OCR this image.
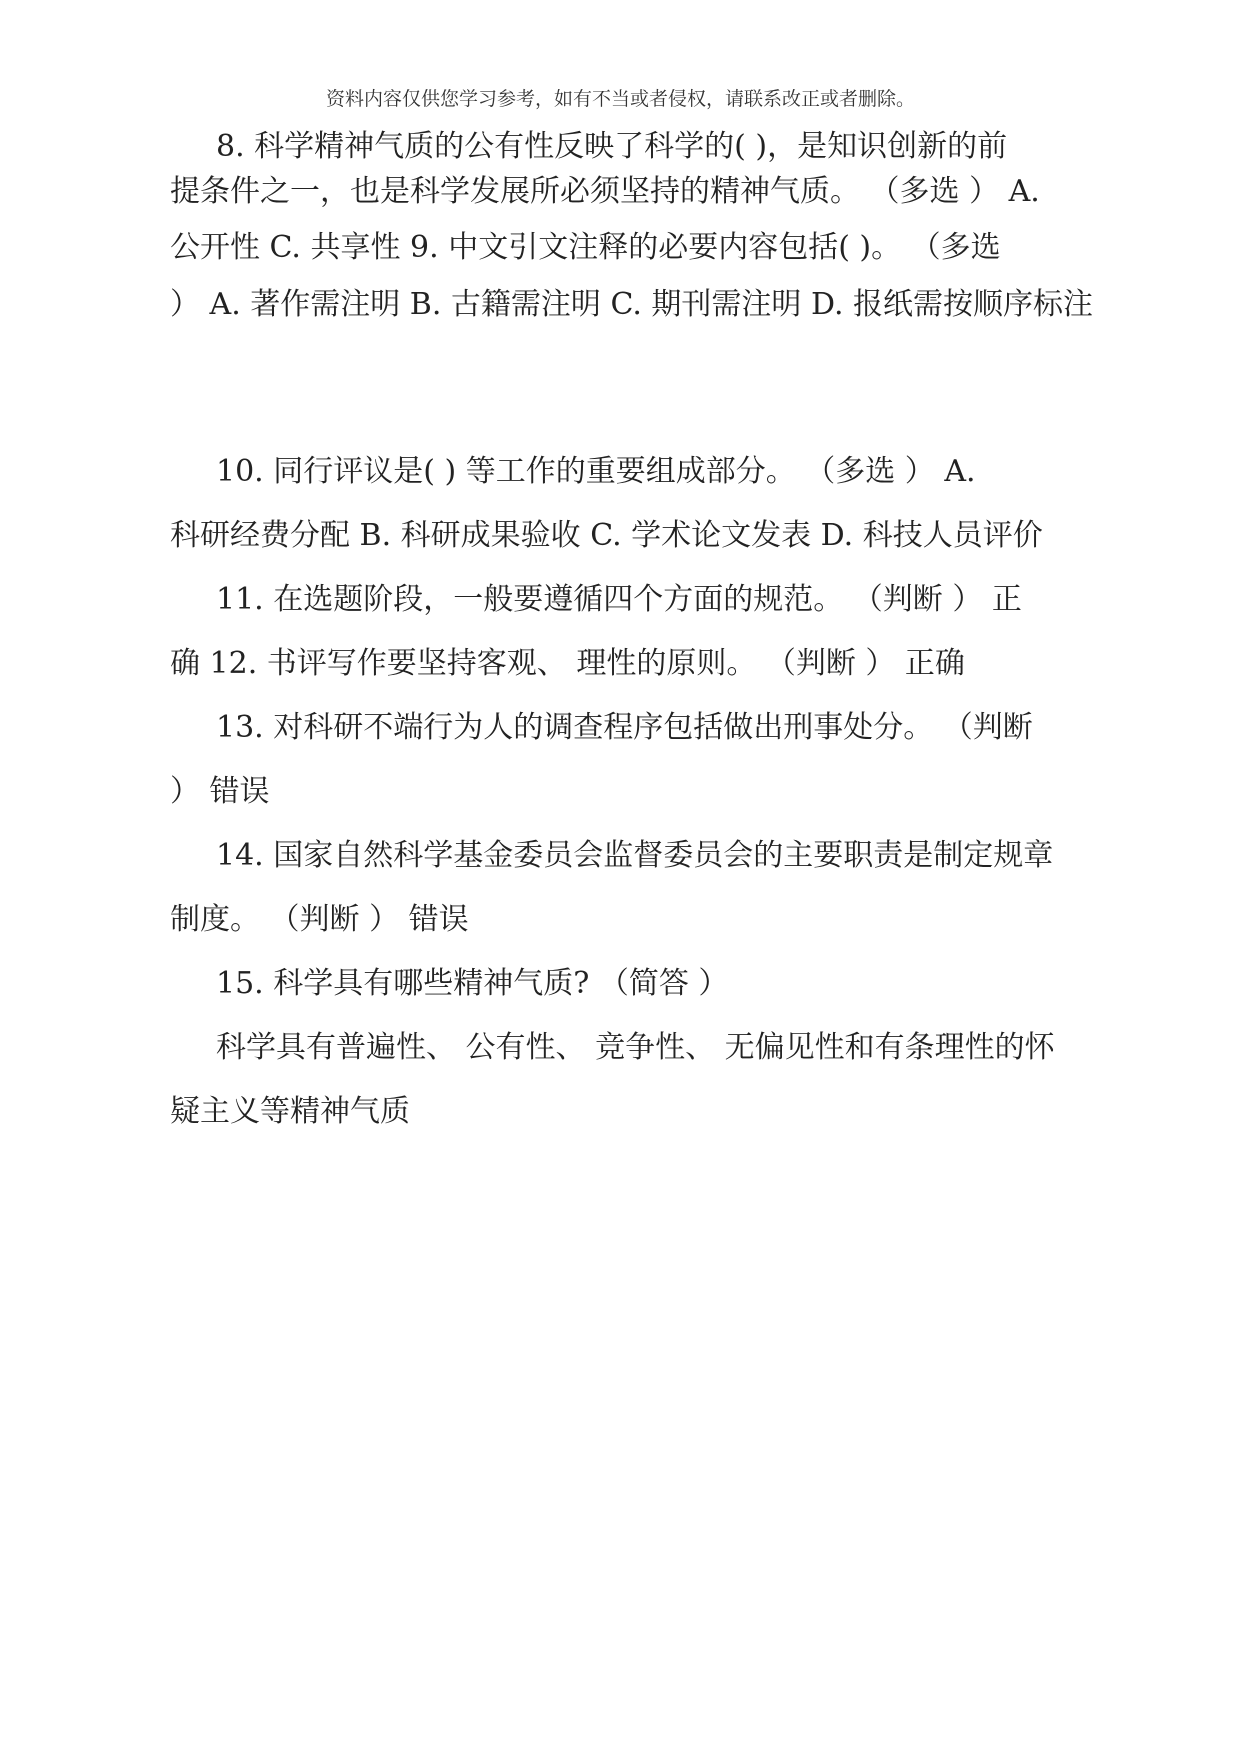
资料内容仅供您学习参考，如有不当或者侵权，请联系改正或者删除。
8. 科学精神气质的公有性反映了科学的( )，是知识创新的前
提条件之一，也是科学发展所必须坚持的精神气质。 （多选 ） A.
公开性 C. 共享性 9. 中文引文注释的必要内容包括( )。 （多选
） A. 著作需注明 B. 古籍需注明 C. 期刊需注明 D. 报纸需按顺序标注
10. 同行评议是( ) 等工作的重要组成部分。 （多选 ） A.
科研经费分配 B. 科研成果验收 C. 学术论文发表 D. 科技人员评价
11. 在选题阶段，一般要遵循四个方面的规范。 （判断 ） 正
确 12. 书评写作要坚持客观、 理性的原则。 （判断 ） 正确
13. 对科研不端行为人的调查程序包括做出刑事处分。 （判断
） 错误
14. 国家自然科学基金委员会监督委员会的主要职责是制定规章
制度。 （判断 ） 错误
15. 科学具有哪些精神气质? （简答 ）
科学具有普遍性、 公有性、 竞争性、 无偏见性和有条理性的怀
疑主义等精神气质
